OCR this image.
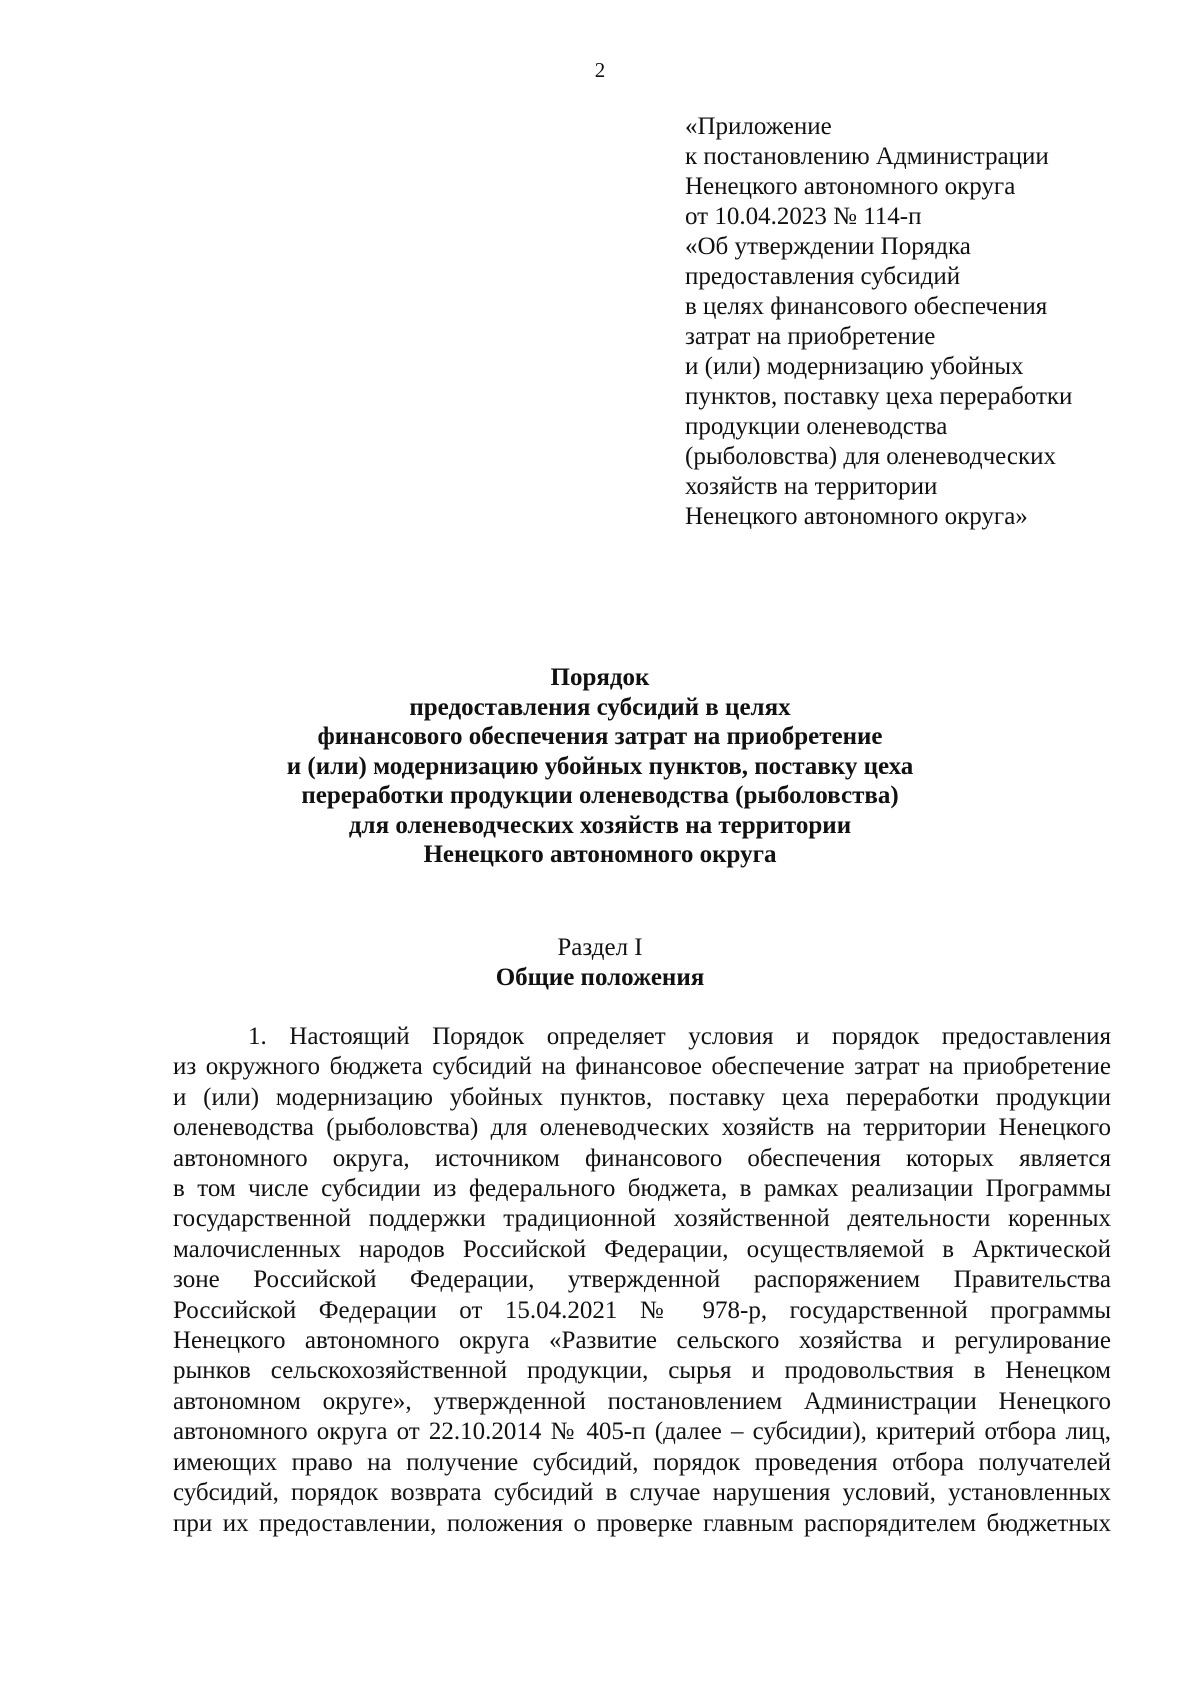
2
«Приложение
к постановлению Администрации
Ненецкого автономного округа
от 10.04.2023 № 114-п
«Об утверждении Порядка
предоставления субсидий
в целях финансового обеспечения
затрат на приобретение
и (или) модернизацию убойных
пунктов, поставку цеха переработки
продукции оленеводства
(рыболовства) для оленеводческих
хозяйств на территории
Ненецкого автономного округа»
Порядок
предоставления субсидий в целях
финансового обеспечения затрат на приобретение
и (или) модернизацию убойных пунктов, поставку цеха
переработки продукции оленеводства (рыболовства)
для оленеводческих хозяйств на территории
Ненецкого автономного округа
Раздел I
Общие положения
1. Настоящий Порядок определяет условия и порядок предоставления
из окружного бюджета субсидий на финансовое обеспечение затрат на приобретение
и (или) модернизацию убойных пунктов, поставку цеха переработки продукции
оленеводства (рыболовства) для оленеводческих хозяйств на территории Ненецкого
автономного округа, источником финансового обеспечения которых является
в том числе субсидии из федерального бюджета, в рамках реализации Программы
государственной поддержки традиционной хозяйственной деятельности коренных
малочисленных народов Российской Федерации, осуществляемой в Арктической
зоне Российской Федерации, утвержденной распоряжением Правительства
Российской Федерации от 15.04.2021 № 978-р, государственной программы
Ненецкого автономного округа «Развитие сельского хозяйства и регулирование
рынков сельскохозяйственной продукции, сырья и продовольствия в Ненецком
автономном округе», утвержденной постановлением Администрации Ненецкого
автономного округа от 22.10.2014 № 405-п (далее – субсидии), критерий отбора лиц,
имеющих право на получение субсидий, порядок проведения отбора получателей
субсидий, порядок возврата субсидий в случае нарушения условий, установленных
при их предоставлении, положения о проверке главным распорядителем бюджетных
